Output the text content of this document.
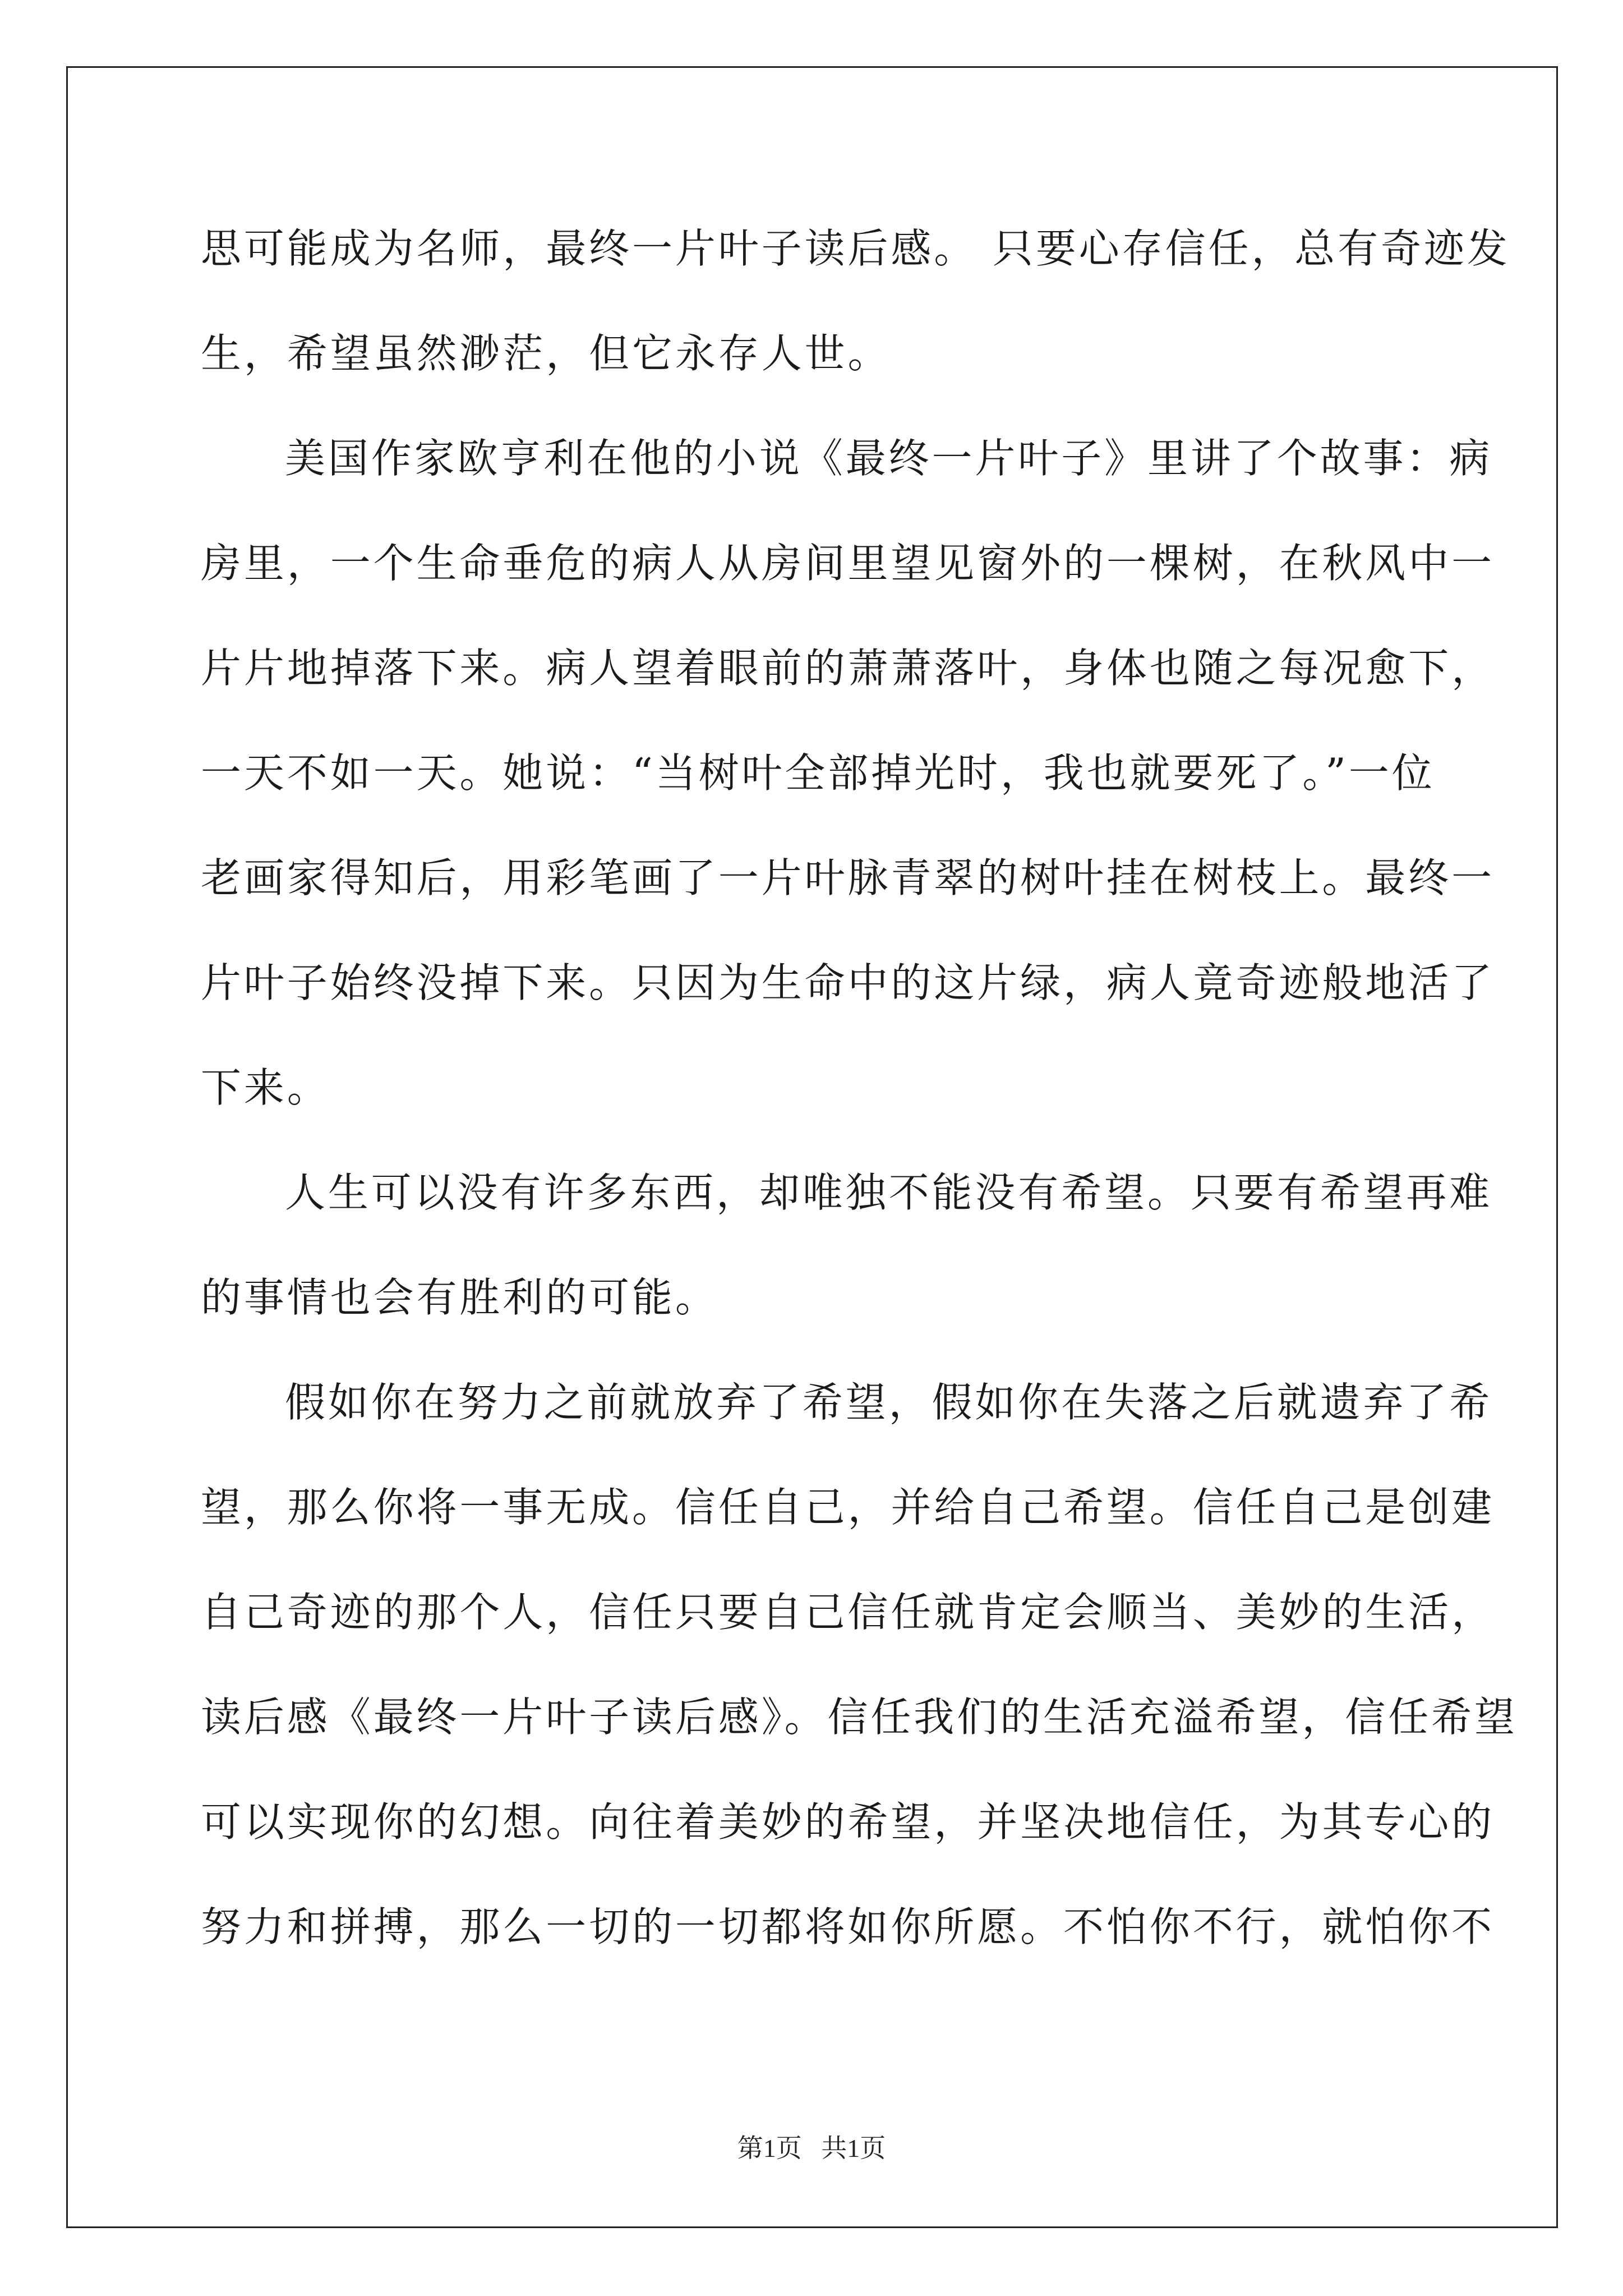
思可能成为名师，最终一片叶子读后感。 只要心存信任，总有奇迹发
生，希望虽然渺茫，但它永存人世。
美国作家欧亨利在他的小说《最终一片叶子》里讲了个故事：病
房里，一个生命垂危的病人从房间里望见窗外的一棵树，在秋风中一
片片地掉落下来。病人望着眼前的萧萧落叶，身体也随之每况愈下，
一天不如一天。她说：“当树叶全部掉光时，我也就要死了。”一位
老画家得知后，用彩笔画了一片叶脉青翠的树叶挂在树枝上。最终一
片叶子始终没掉下来。只因为生命中的这片绿，病人竟奇迹般地活了
下来。
人生可以没有许多东西，却唯独不能没有希望。只要有希望再难
的事情也会有胜利的可能。
假如你在努力之前就放弃了希望，假如你在失落之后就遗弃了希
望，那么你将一事无成。信任自己，并给自己希望。信任自己是创建
自己奇迹的那个人，信任只要自己信任就肯定会顺当、美妙的生活，
读后感《最终一片叶子读后感》。信任我们的生活充溢希望，信任希望
可以实现你的幻想。向往着美妙的希望，并坚决地信任，为其专心的
努力和拼搏，那么一切的一切都将如你所愿。不怕你不行，就怕你不
第1页   共1页
